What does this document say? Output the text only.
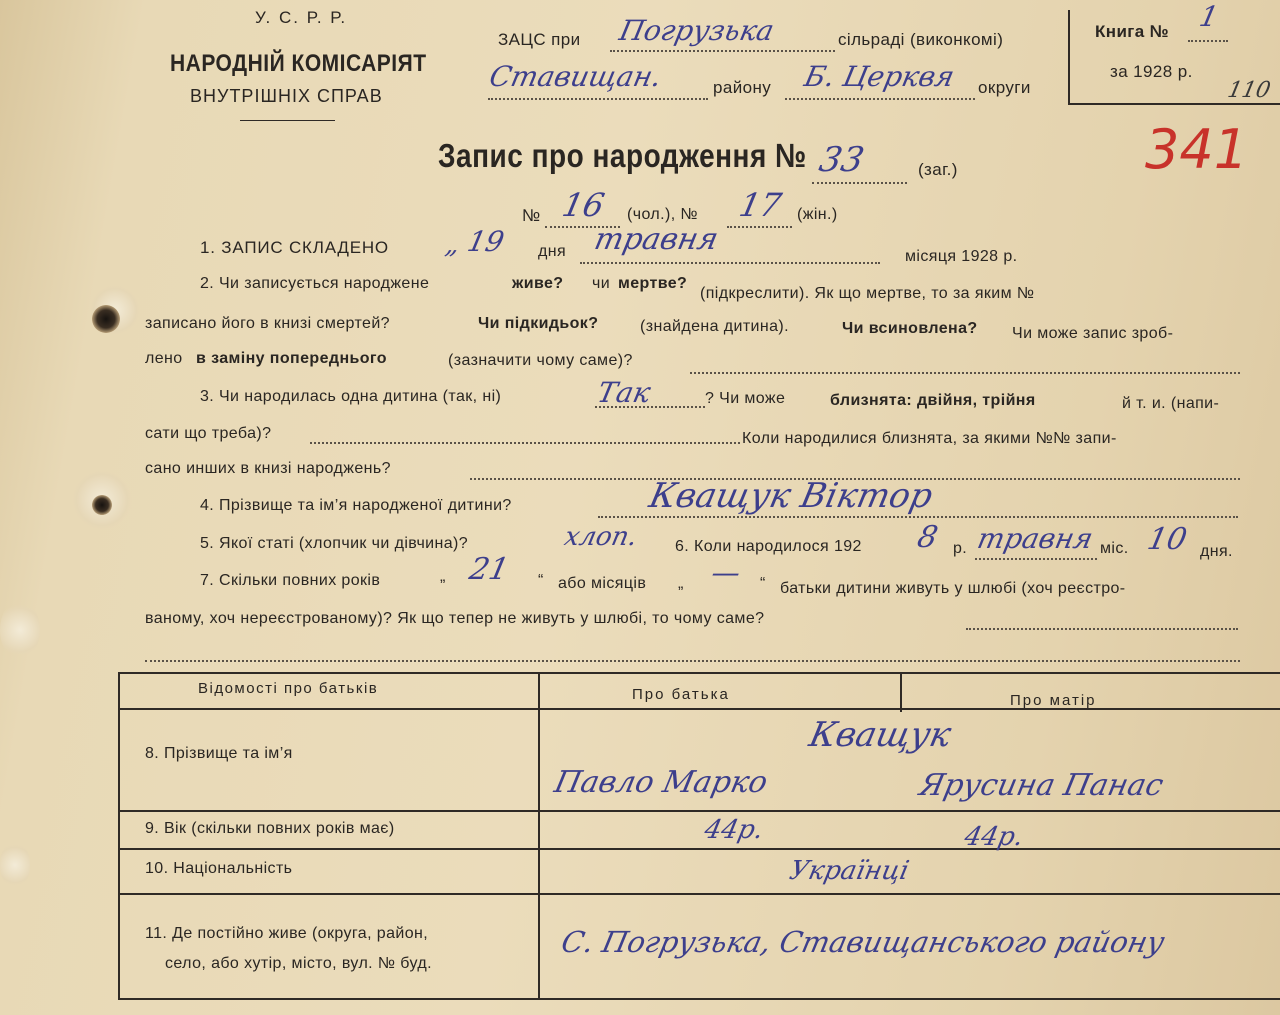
У. С. Р. Р.
НАРОДНІЙ КОМІСАРІЯТ
ВНУТРІШНІХ СПРАВ
ЗАЦС при Погрузька	сільраді (виконкомі)
Ставищан.	району Б. Церквя округи
Книга № 1
за 1928 р.
110
341
Запис про народження № 33	(заг.)
№ 16 (чол.), № 17 (жін.)
1. ЗАПИС СКЛАДЕНО „ 19 дня травня	місяця 1928 р.
2. Чи записується народжене	живе? чи мертве?
(підкреслити). Як що мертве, то за яким №
записано його в книзі смертей?	Чи підкидьок?	(знайдена дитина).	Чи всиновлена? Чи може запис зроб-
лено в заміну попереднього	(зазначити чому саме)?
3. Чи народилась одна дитина (так, ні)	Так	? Чи може	близнята: двійня, трійня	й т. и. (напи-
сати що треба)?	Коли народилися близнята, за якими №№ запи-
сано инших в книзі народжень?
4. Прізвище та ім’я народженої дитини?	Кващук Віктор
5. Якої статі (хлопчик чи дівчина)?	хлоп. 6. Коли народилося 192 8 р. травня міс. 10 дня.
7. Скільки повних років	„ 21 “ або місяців „ — “ батьки дитини живуть у шлюбі (хоч реєстро-
ваному, хоч нереєстрованому)? Як що тепер не живуть у шлюбі, то чому саме?
Відомості про батьків	Про батька	Про матір
8. Прізвище та ім’я	Кващук
Павло Марко	Ярусина Панас
9. Вік (скільки повних років має)	44р.	44р.
10. Національність	Українці
11. Де постійно живе (округа, район,
село, або хутір, місто, вул. № буд.
С. Погрузька, Ставищанського району
